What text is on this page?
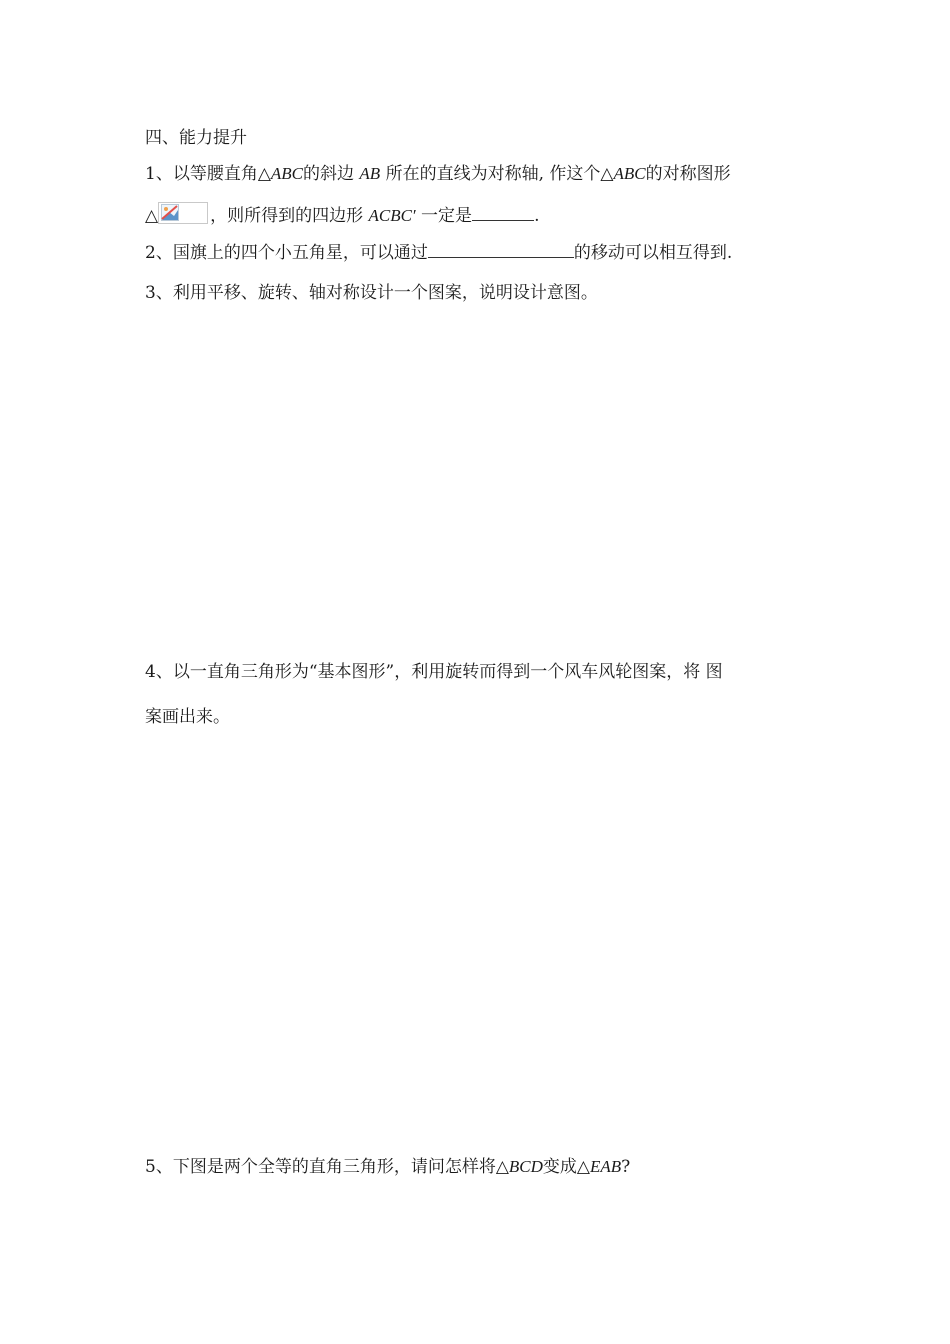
四、能力提升
1、以等腰直角△ABC的斜边 AB 所在的直线为对称轴, 作这个△ABC的对称图形
△	，则所得到的四边形 ACBC′ 一定是	.
2、国旗上的四个小五角星，可以通过	的移动可以相互得到.
3、利用平移、旋转、轴对称设计一个图案，说明设计意图。
4、以一直角三角形为“基本图形”，利用旋转而得到一个风车风轮图案，将 图
案画出来。
5、下图是两个全等的直角三角形，请问怎样将△BCD变成△EAB?
